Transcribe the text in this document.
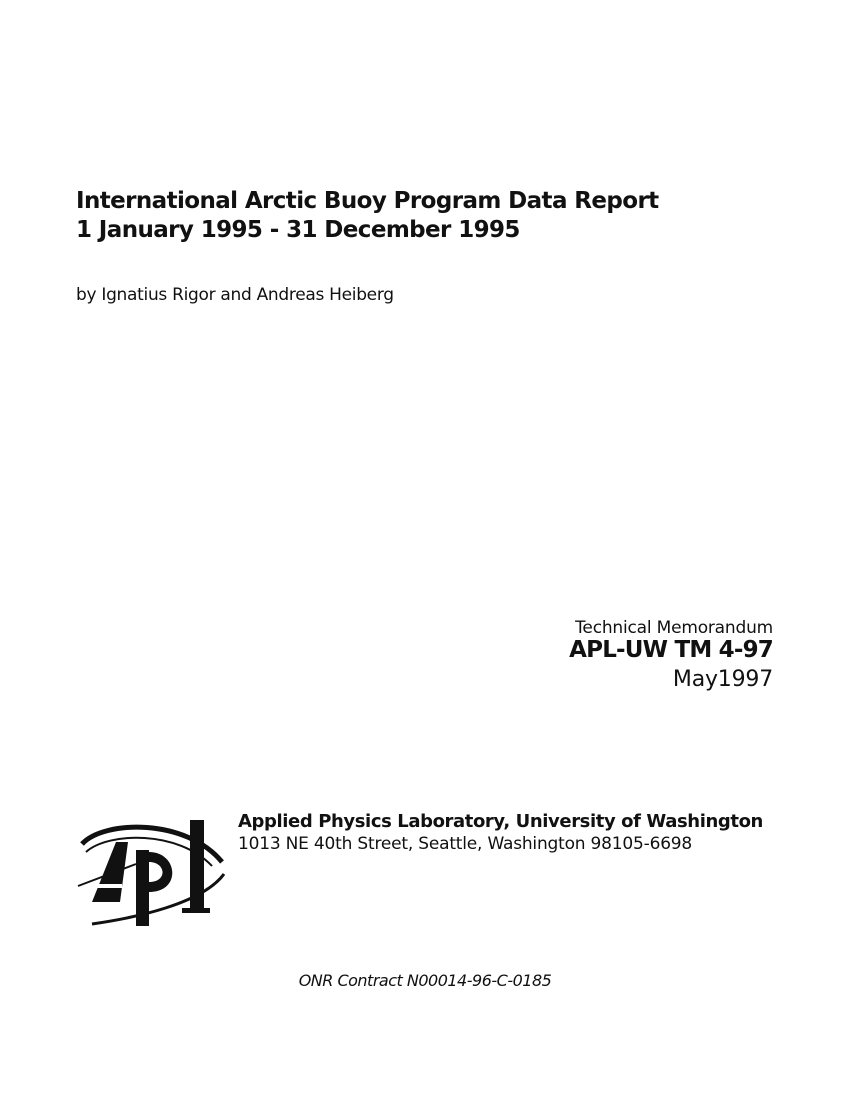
International Arctic Buoy Program Data Report

1 January 1995 - 31 December 1995

by Ignatius Rigor and Andreas Heiberg

Technical Memorandum
APL-UW TM 4-97
May1997
Applied Physics Laboratory, University of Washington
1013 NE 40th Street, Seattle, Washington 98105-6698
ONR Contract N00014-96-C-0185
